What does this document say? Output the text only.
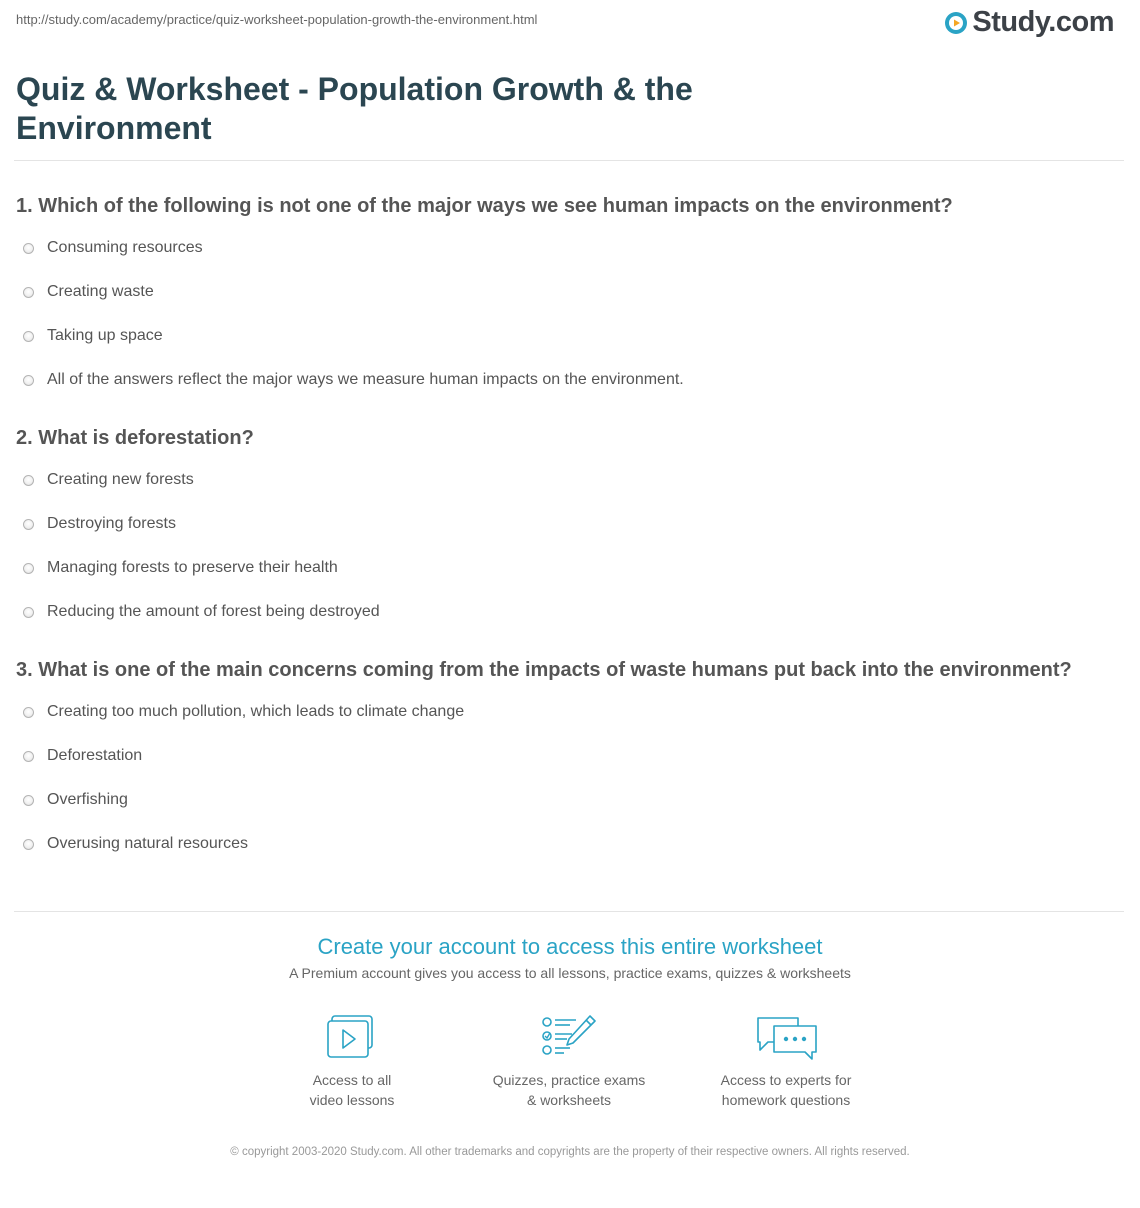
http://study.com/academy/practice/quiz-worksheet-population-growth-the-environment.html	Study.com
Quiz & Worksheet - Population Growth & the Environment
1. Which of the following is not one of the major ways we see human impacts on the environment?
Consuming resources
Creating waste
Taking up space
All of the answers reflect the major ways we measure human impacts on the environment.
2. What is deforestation?
Creating new forests
Destroying forests
Managing forests to preserve their health
Reducing the amount of forest being destroyed
3. What is one of the main concerns coming from the impacts of waste humans put back into the environment?
Creating too much pollution, which leads to climate change
Deforestation
Overfishing
Overusing natural resources
Create your account to access this entire worksheet
A Premium account gives you access to all lessons, practice exams, quizzes & worksheets
Access to all
video lessons
Quizzes, practice exams
& worksheets
Access to experts for
homework questions
© copyright 2003-2020 Study.com. All other trademarks and copyrights are the property of their respective owners. All rights reserved.
